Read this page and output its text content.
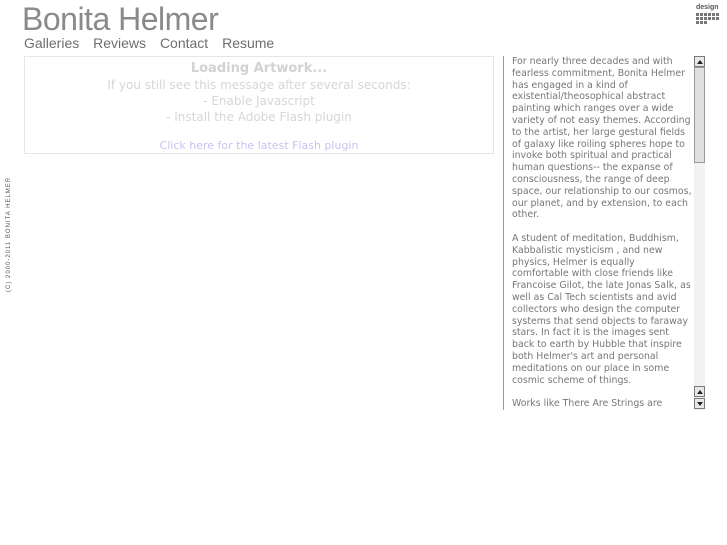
Bonita Helmer
Galleries Reviews Contact Resume
design
(C) 2000-2011 BONITA HELMER
Loading Artwork...
If you still see this message after several seconds:
- Enable Javascript
- Install the Adobe Flash plugin
Click here for the latest Flash plugin

For nearly three decades and with fearless commitment, Bonita Helmer has engaged in a kind of existential/theosophical abstract painting which ranges over a wide variety of not easy themes. According to the artist, her large gestural fields of galaxy like roiling spheres hope to invoke both spiritual and practical human questions-- the expanse of consciousness, the range of deep space, our relationship to our cosmos, our planet, and by extension, to each other.

A student of meditation, Buddhism, Kabbalistic mysticism , and new physics, Helmer is equally comfortable with close friends like Francoise Gilot, the late Jonas Salk, as well as Cal Tech scientists and avid collectors who design the computer systems that send objects to faraway stars. In fact it is the images sent back to earth by Hubble that inspire both Helmer's art and personal meditations on our place in some cosmic scheme of things.

Works like There Are Strings are
